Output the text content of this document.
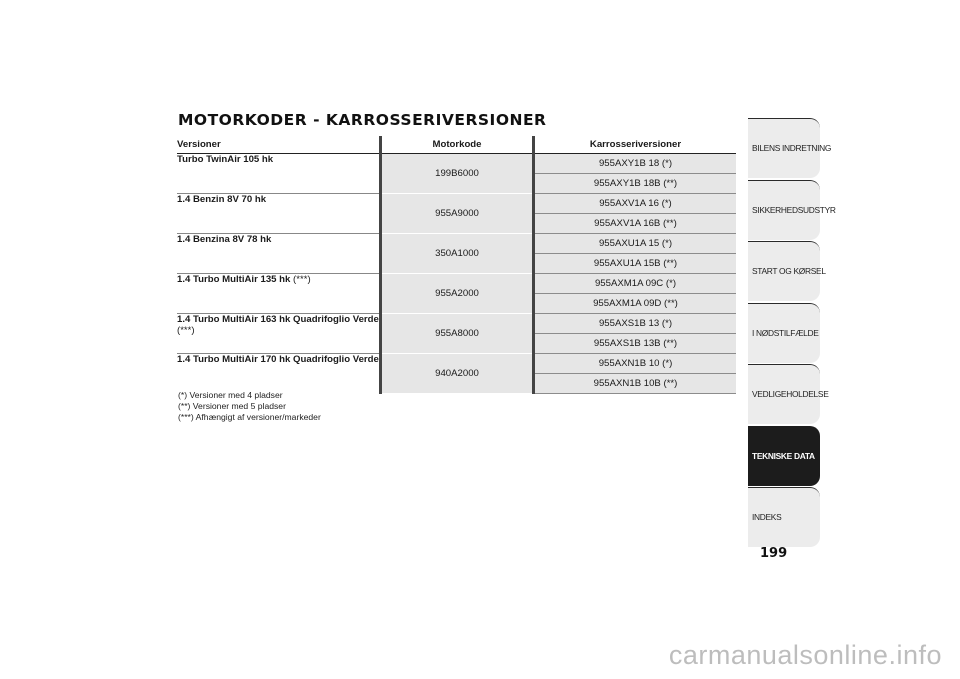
MOTORKODER - KARROSSERIVERSIONER
Versioner	Motorkode	Karrosseriversioner
Turbo TwinAir 105 hk	199B6000	955AXY1B 18 (*)
		955AXY1B 18B (**)
1.4 Benzin 8V 70 hk	955A9000	955AXV1A 16 (*)
		955AXV1A 16B (**)
1.4 Benzina 8V 78 hk	350A1000	955AXU1A 15 (*)
		955AXU1A 15B (**)
1.4 Turbo MultiAir 135 hk (***)	955A2000	955AXM1A 09C (*)
		955AXM1A 09D (**)
1.4 Turbo MultiAir 163 hk Quadrifoglio Verde (***)	955A8000	955AXS1B 13 (*)
		955AXS1B 13B (**)
1.4 Turbo MultiAir 170 hk Quadrifoglio Verde	940A2000	955AXN1B 10 (*)
		955AXN1B 10B (**)
(*) Versioner med 4 pladser
(**) Versioner med 5 pladser
(***) Afhængigt af versioner/markeder
BILENS INDRETNING
SIKKERHEDSUDSTYR
START OG KØRSEL
I NØDSTILFÆLDE
VEDLIGEHOLDELSE
TEKNISKE DATA
INDEKS
199
carmanualsonline.info
